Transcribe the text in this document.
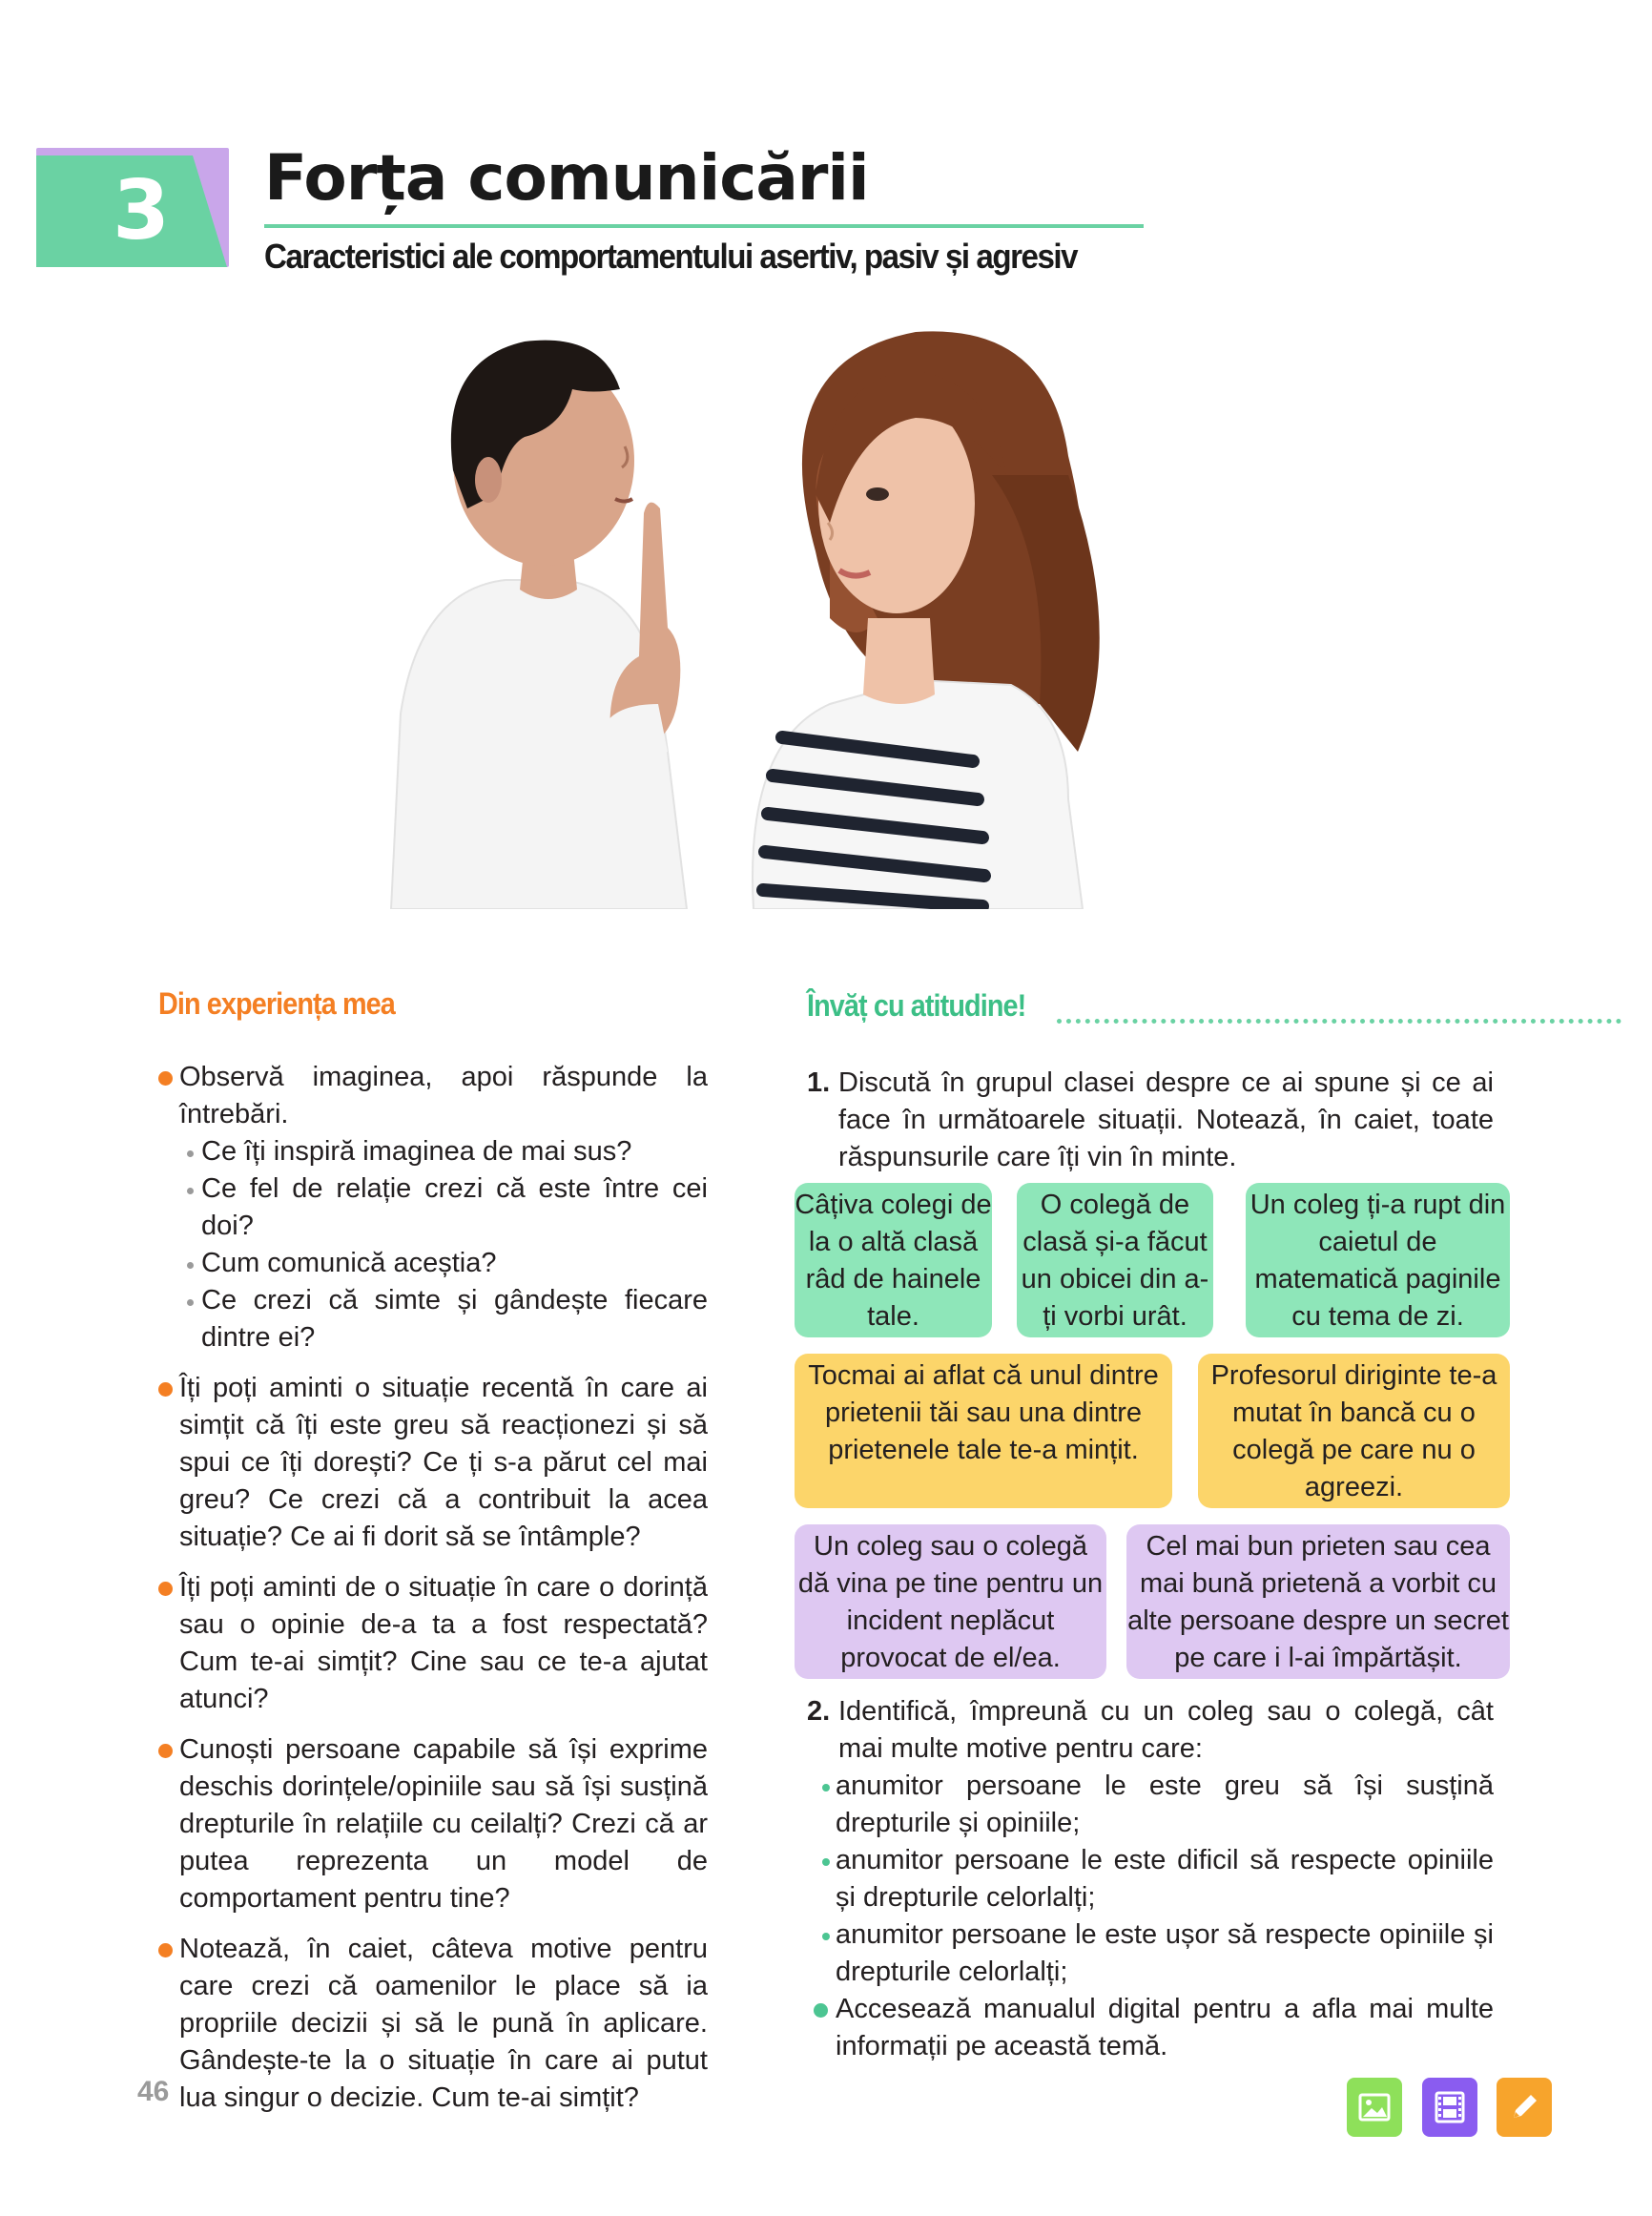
3	Forța comunicării
Caracteristici ale comportamentului asertiv, pasiv și agresiv
Din experiența mea
Observă imaginea, apoi răspunde la întrebări.
Ce îți inspiră imaginea de mai sus?
Ce fel de relație crezi că este între cei doi?
Cum comunică aceștia?
Ce crezi că simte și gândește fiecare dintre ei?
Îți poți aminti o situație recentă în care ai simțit că îți este greu să reacționezi și să spui ce îți dorești? Ce ți s-a părut cel mai greu? Ce crezi că a contribuit la acea situație? Ce ai fi dorit să se întâmple?
Îți poți aminti de o situație în care o dorință sau o opinie de-a ta a fost respectată? Cum te-ai simțit? Cine sau ce te-a ajutat atunci?
Cunoști persoane capabile să își exprime deschis dorințele/opiniile sau să își susțină drepturile în relațiile cu ceilalți? Crezi că ar putea reprezenta un model de comportament pentru tine?
Notează, în caiet, câteva motive pentru care crezi că oamenilor le place să ia propriile decizii și să le pună în aplicare. Gândește-te la o situație în care ai putut lua singur o decizie. Cum te-ai simțit?
46
Învăț cu atitudine!
1. Discută în grupul clasei despre ce ai spune și ce ai face în următoarele situații. Notează, în caiet, toate răspunsurile care îți vin în minte.
Câțiva colegi de la o altă clasă râd de hainele tale.
O colegă de clasă și-a făcut un obicei din a-ți vorbi urât.
Un coleg ți-a rupt din caietul de matematică paginile cu tema de zi.
Tocmai ai aflat că unul dintre prietenii tăi sau una dintre prietenele tale te-a mințit.
Profesorul diriginte te-a mutat în bancă cu o colegă pe care nu o agreezi.
Un coleg sau o colegă dă vina pe tine pentru un incident neplăcut provocat de el/ea.
Cel mai bun prieten sau cea mai bună prietenă a vorbit cu alte persoane despre un secret pe care i l-ai împărtășit.
2. Identifică, împreună cu un coleg sau o colegă, cât mai multe motive pentru care:
anumitor persoane le este greu să își susțină drepturile și opiniile;
anumitor persoane le este dificil să respecte opiniile și drepturile celorlalți;
anumitor persoane le este ușor să respecte opiniile și drepturile celorlalți;
Accesează manualul digital pentru a afla mai multe informații pe această temă.
